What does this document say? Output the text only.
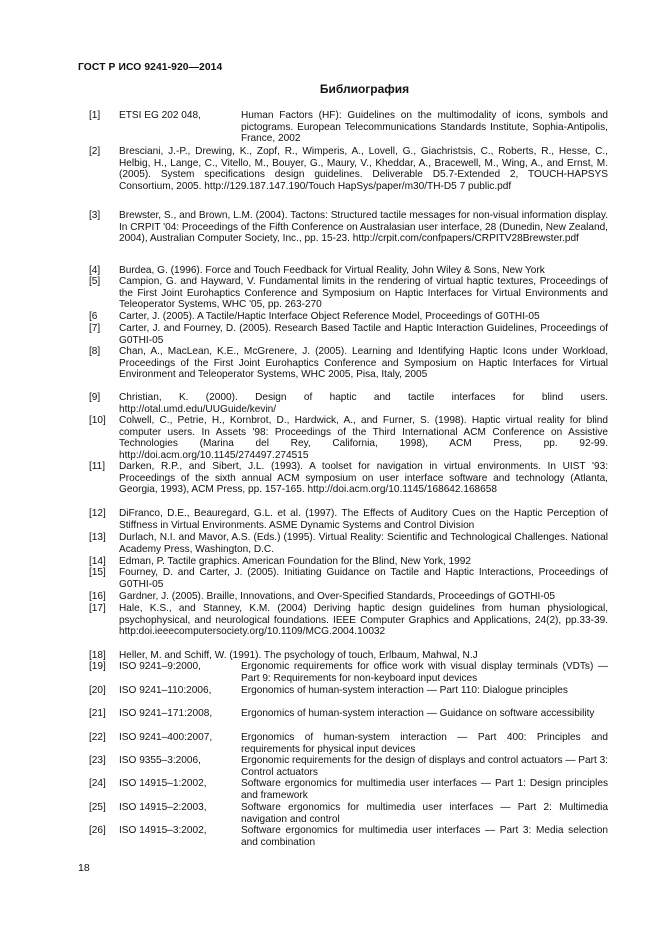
ГОСТ Р ИСО 9241-920—2014
Библиография
[1] ETSI EG 202 048,	Human Factors (HF): Guidelines on the multimodality of icons, symbols and pictograms. European Telecommunications Standards Institute, Sophia-Antipolis, France, 2002
[2] Bresciani, J.-P., Drewing, K., Zopf, R., Wimperis, A., Lovell, G., Giachristsis, C., Roberts, R., Hesse, C., Helbig, H., Lange, C., Vitello, M., Bouyer, G., Maury, V., Kheddar, A., Bracewell, M., Wing, A., and Ernst, M. (2005). System specifications design guidelines. Deliverable D5.7-Extended 2, TOUCH-HAPSYS Consortium, 2005. http://129.187.147.190/Touch HapSys/paper/m30/TH-D5 7 public.pdf
[3] Brewster, S., and Brown, L.M. (2004). Tactons: Structured tactile messages for non-visual information display. In CRPIT '04: Proceedings of the Fifth Conference on Australasian user interface, 28 (Dunedin, New Zealand, 2004), Australian Computer Society, Inc., pp. 15-23. http://crpit.com/confpapers/CRPITV28Brewster.pdf
[4] Burdea, G. (1996). Force and Touch Feedback for Virtual Reality, John Wiley & Sons, New York
[5] Campion, G. and Hayward, V. Fundamental limits in the rendering of virtual haptic textures, Proceedings of the First Joint Eurohaptics Conference and Symposium on Haptic Interfaces for Virtual Environments and Teleoperator Systems, WHC '05, pp. 263-270
[6 Carter, J. (2005). A Tactile/Haptic Interface Object Reference Model, Proceedings of G0THI-05
[7] Carter, J. and Fourney, D. (2005). Research Based Tactile and Haptic Interaction Guidelines, Proceedings of G0THI-05
[8] Chan, A., MacLean, K.E., McGrenere, J. (2005). Learning and Identifying Haptic Icons under Workload, Proceedings of the First Joint Eurohaptics Conference and Symposium on Haptic Interfaces for Virtual Environment and Teleoperator Systems, WHC 2005, Pisa, Italy, 2005
[9] Christian, K. (2000). Design of haptic and tactile interfaces for blind users. http://otal.umd.edu/UUGuide/kevin/
[10] Colwell, C., Petrie, H., Kornbrot, D., Hardwick, A., and Furner, S. (1998). Haptic virtual reality for blind computer users. In Assets '98: Proceedings of the Third International ACM Conference on Assistive Technologies (Marina del Rey, California, 1998), ACM Press, pp. 92-99. http://doi.acm.org/10.1145/274497.274515
[11] Darken, R.P., and Sibert, J.L. (1993). A toolset for navigation in virtual environments. In UIST '93: Proceedings of the sixth annual ACM symposium on user interface software and technology (Atlanta, Georgia, 1993), ACM Press, pp. 157-165. http://doi.acm.org/10.1145/168642.168658
[12] DiFranco, D.E., Beauregard, G.L. et al. (1997). The Effects of Auditory Cues on the Haptic Perception of Stiffness in Virtual Environments. ASME Dynamic Systems and Control Division
[13] Durlach, N.I. and Mavor, A.S. (Eds.) (1995). Virtual Reality: Scientific and Technological Challenges. National Academy Press, Washington, D.C.
[14] Edman, P. Tactile graphics. American Foundation for the Blind, New York, 1992
[15] Fourney, D. and Carter, J. (2005). Initiating Guidance on Tactile and Haptic Interactions, Proceedings of G0THI-05
[16] Gardner, J. (2005). Braille, Innovations, and Over-Specified Standards, Proceedings of GOTHI-05
[17] Hale, K.S., and Stanney, K.M. (2004) Deriving haptic design guidelines from human physiological, psychophysical, and neurological foundations. IEEE Computer Graphics and Applications, 24(2), pp.33-39. http:doi.ieeecomputersociety.org/10.1109/MCG.2004.10032
[18] Heller, M. and Schiff, W. (1991). The psychology of touch, Erlbaum, Mahwal, N.J
[19] ISO 9241–9:2000,	Ergonomic requirements for office work with visual display terminals (VDTs) — Part 9: Requirements for non-keyboard input devices
[20] ISO 9241–110:2006,	Ergonomics of human-system interaction — Part 110: Dialogue principles
[21] ISO 9241–171:2008,	Ergonomics of human-system interaction — Guidance on software accessibility
[22] ISO 9241–400:2007,	Ergonomics of human-system interaction — Part 400: Principles and requirements for physical input devices
[23] ISO 9355–3:2006,	Ergonomic requirements for the design of displays and control actuators — Part 3: Control actuators
[24] ISO 14915–1:2002,	Software ergonomics for multimedia user interfaces — Part 1: Design principles and framework
[25] ISO 14915–2:2003,	Software ergonomics for multimedia user interfaces — Part 2: Multimedia navigation and control
[26] ISO 14915–3:2002,	Software ergonomics for multimedia user interfaces — Part 3: Media selection and combination
18
